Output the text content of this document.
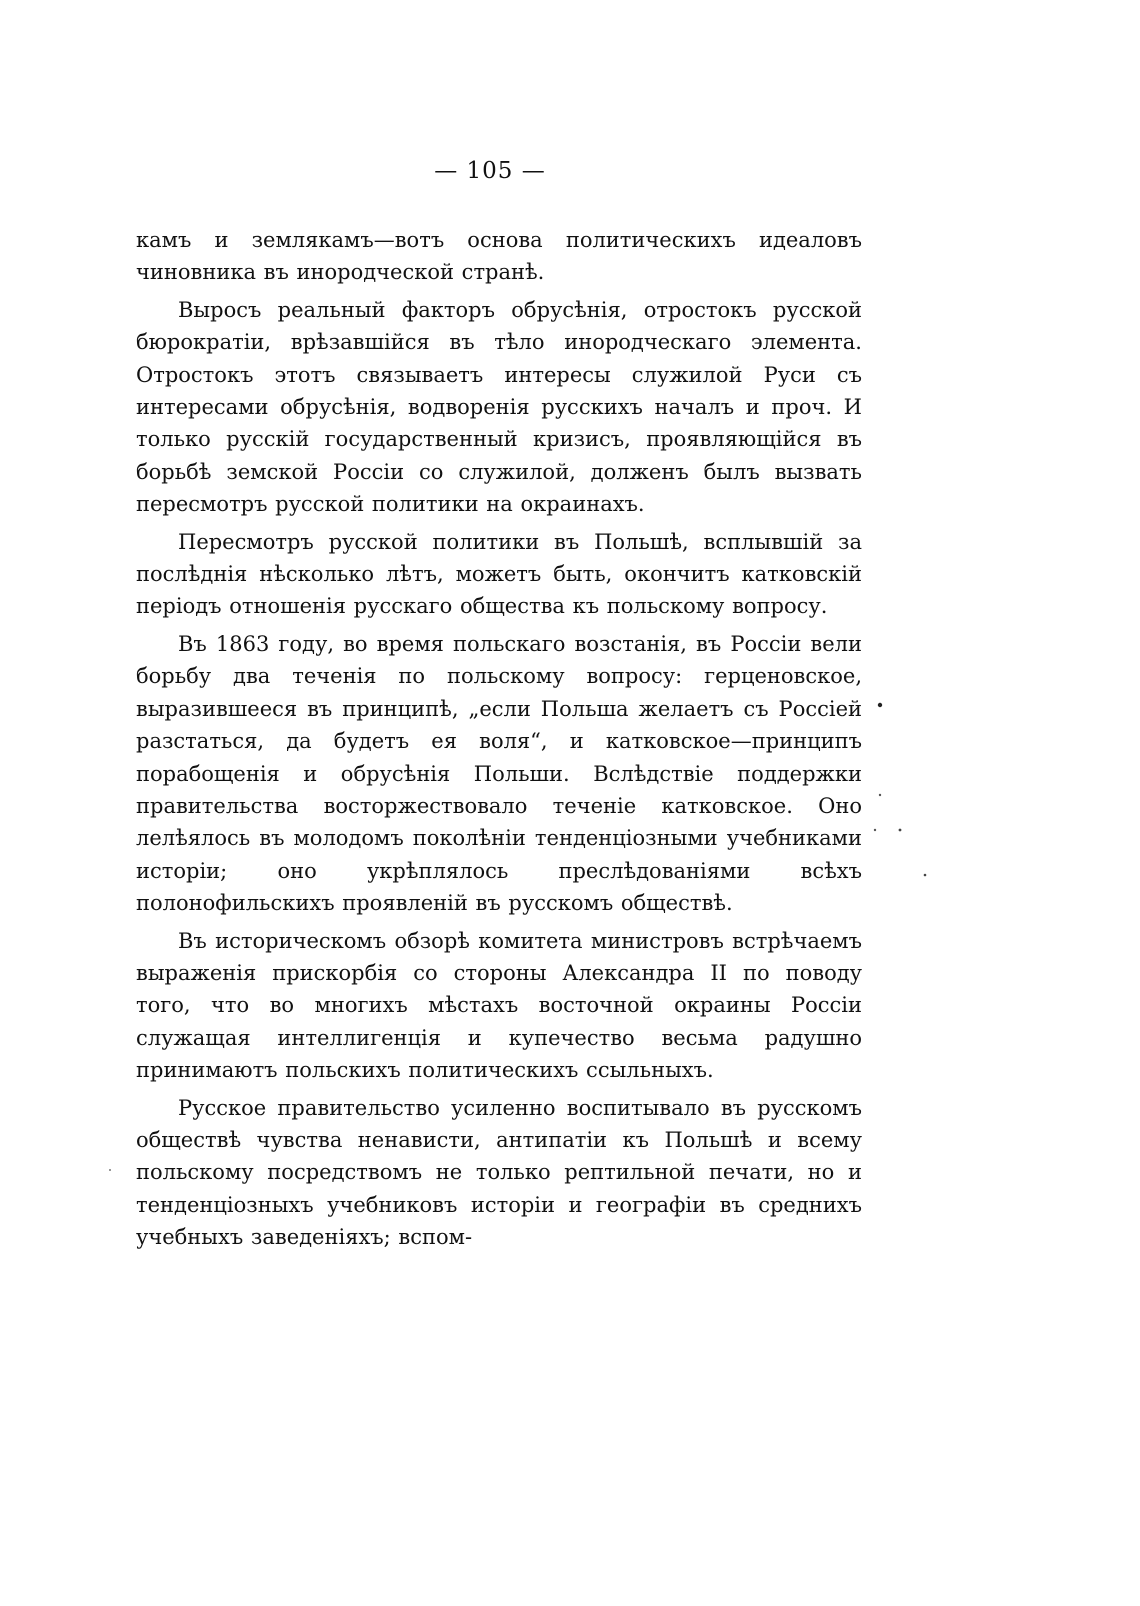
— 105 —

камъ и землякамъ—вотъ основа политическихъ идеаловъ чиновника въ инородческой странѣ.

Выросъ реальный факторъ обрусѣнія, отростокъ русской бюрократіи, врѣзавшійся въ тѣло инородческаго элемента. Отростокъ этотъ связываетъ интересы служилой Руси съ интересами обрусѣнія, водворенія русскихъ началъ и проч. И только русскій государственный кризисъ, проявляющійся въ борьбѣ земской Россіи со служилой, долженъ былъ вызвать пересмотръ русской политики на окраинахъ.

Пересмотръ русской политики въ Польшѣ, всплывшій за послѣднія нѣсколько лѣтъ, можетъ быть, окончитъ катковскій періодъ отношенія русскаго общества къ польскому вопросу.

Въ 1863 году, во время польскаго возстанія, въ Россіи вели борьбу два теченія по польскому вопросу: герценовское, выразившееся въ принципѣ, „если Польша желаетъ съ Россіей разстаться, да будетъ ея воля“, и катковское—принципъ порабощенія и обрусѣнія Польши. Вслѣдствіе поддержки правительства восторжествовало теченіе катковское. Оно лелѣялось въ молодомъ поколѣніи тенденціозными учебниками исторіи; оно укрѣплялось преслѣдованіями всѣхъ полонофильскихъ проявленій въ русскомъ обществѣ.

Въ историческомъ обзорѣ комитета министровъ встрѣчаемъ выраженія прискорбія со стороны Александра II по поводу того, что во многихъ мѣстахъ восточной окраины Россіи служащая интеллигенція и купечество весьма радушно принимаютъ польскихъ политическихъ ссыльныхъ.

Русское правительство усиленно воспитывало въ русскомъ обществѣ чувства ненависти, антипатіи къ Польшѣ и всему польскому посредствомъ не только рептильной печати, но и тенденціозныхъ учебниковъ исторіи и географіи въ среднихъ учебныхъ заведеніяхъ; вспом-
